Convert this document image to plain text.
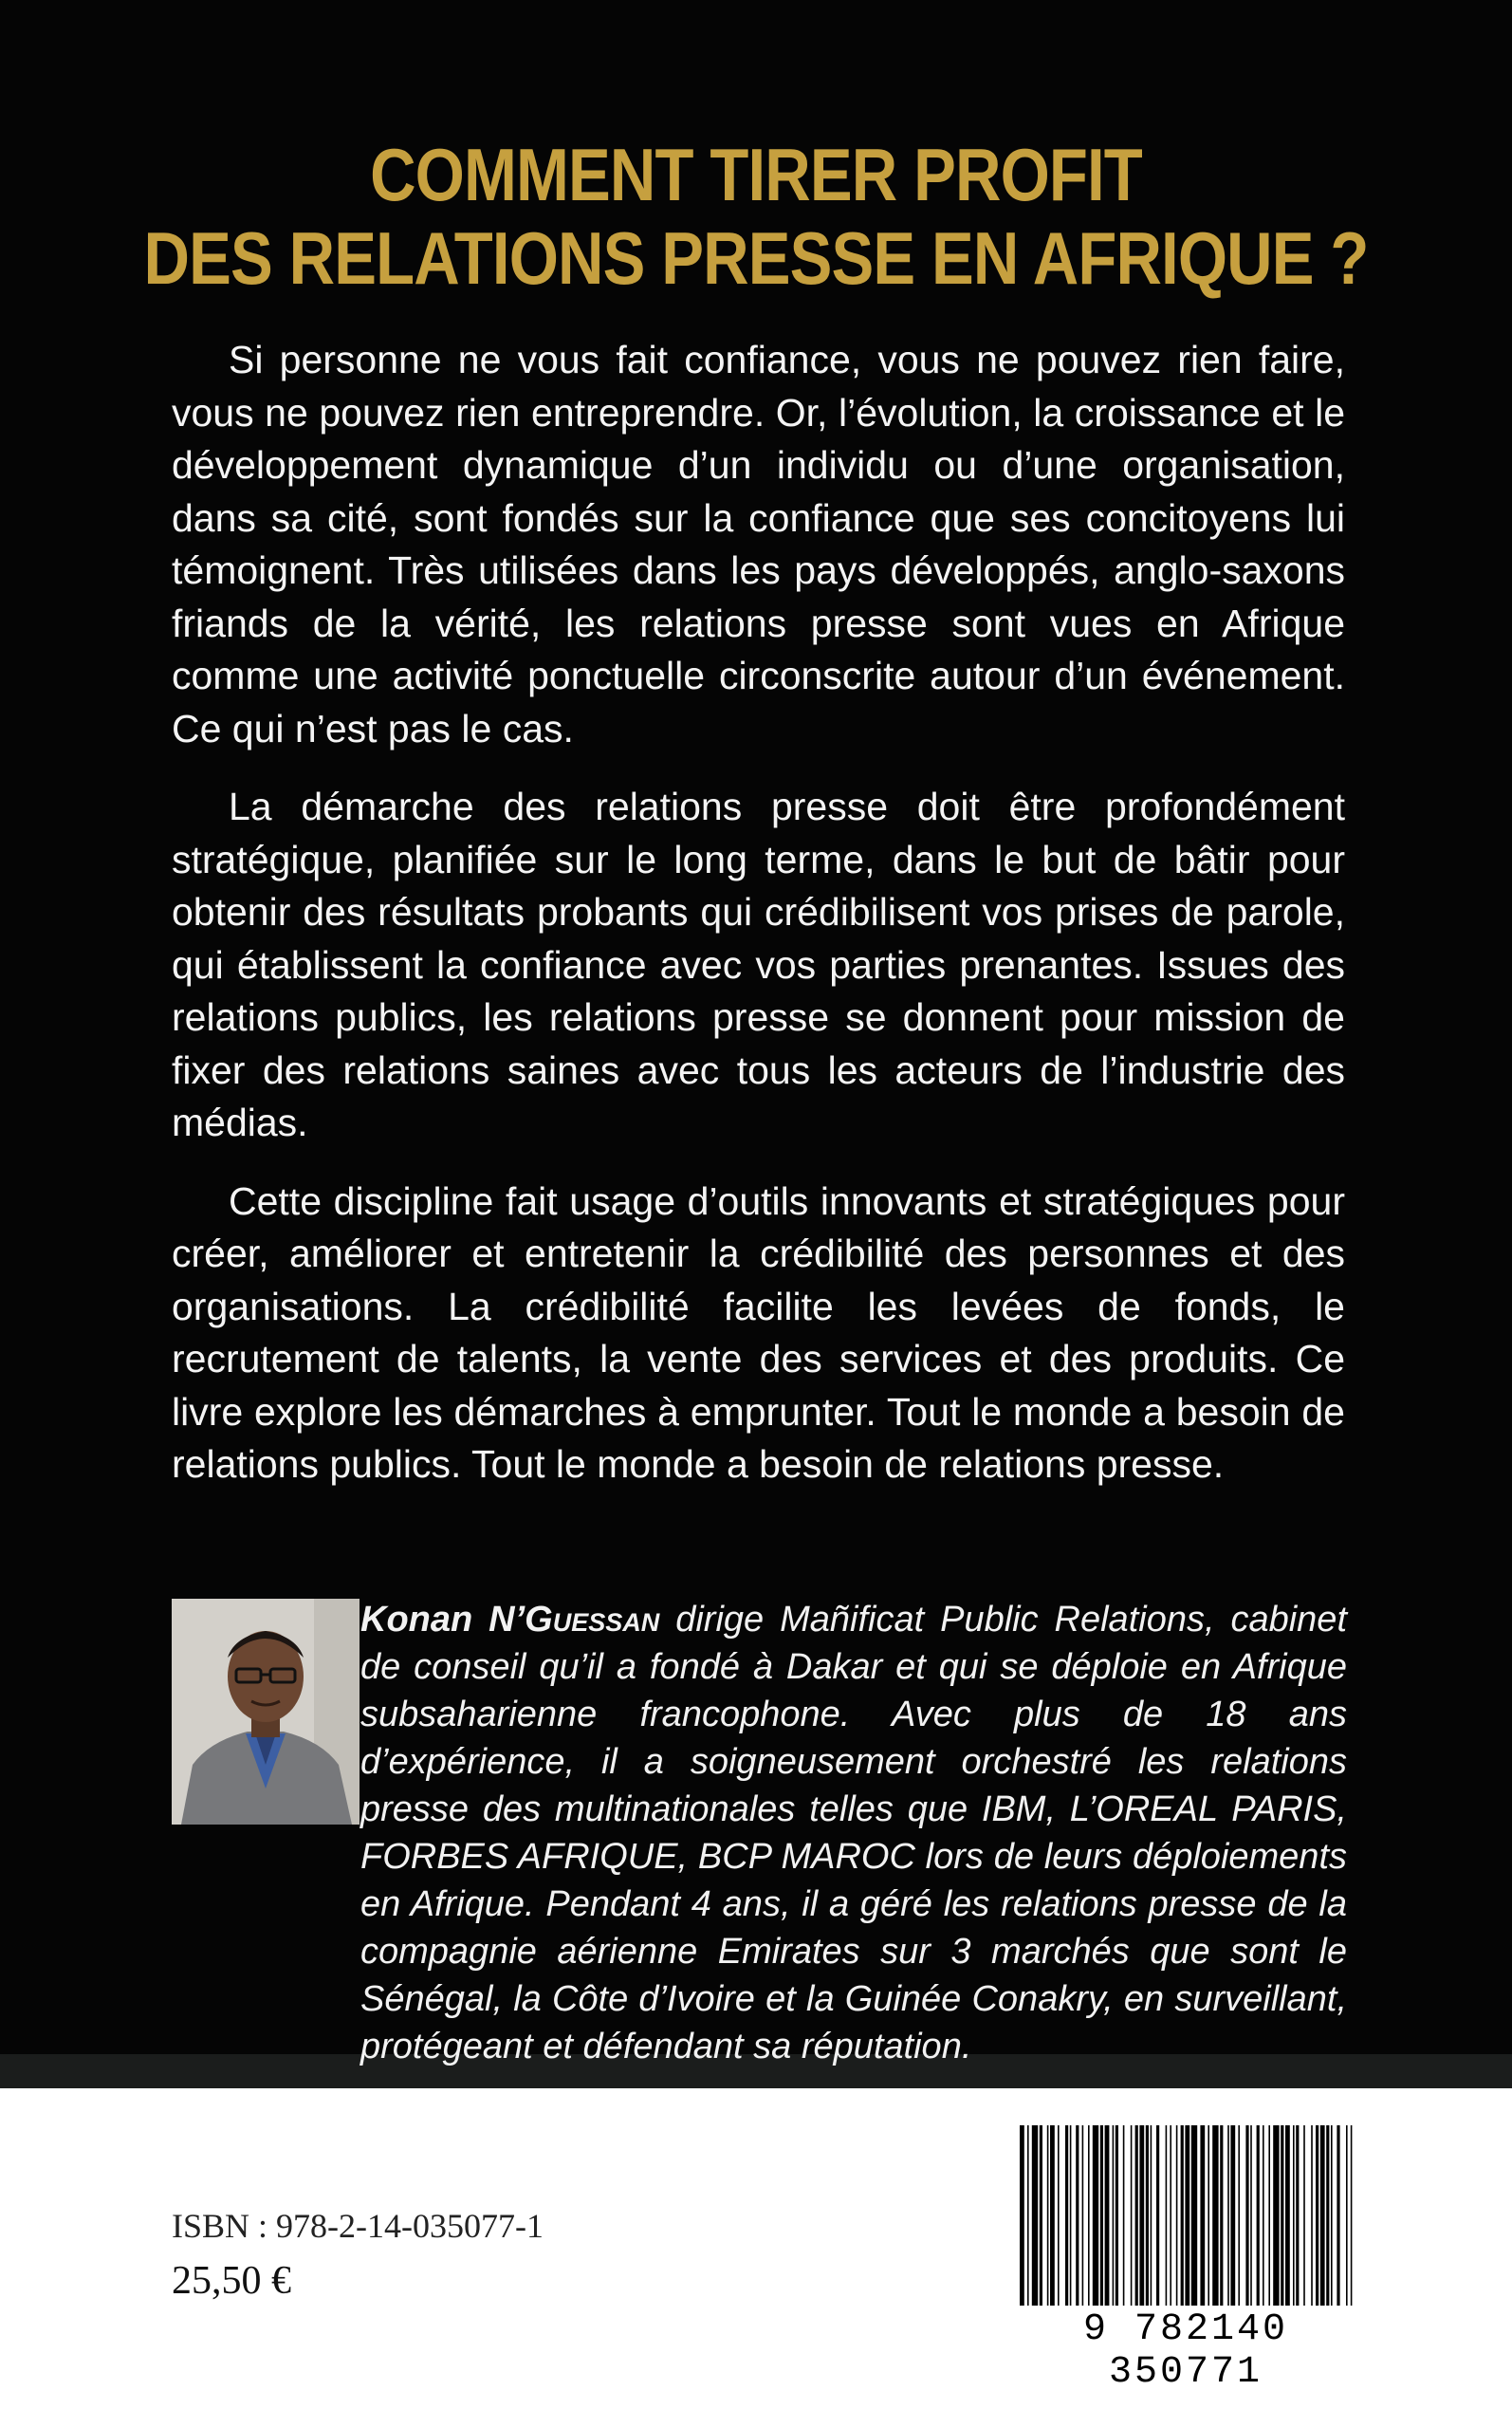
COMMENT TIRER PROFIT
DES RELATIONS PRESSE EN AFRIQUE ?

Si personne ne vous fait confiance, vous ne pouvez rien faire, vous ne pouvez rien entreprendre. Or, l’évolution, la croissance et le développement dynamique d’un individu ou d’une organisation, dans sa cité, sont fondés sur la confiance que ses concitoyens lui témoignent. Très utilisées dans les pays développés, anglo-saxons friands de la vérité, les relations presse sont vues en Afrique comme une activité ponctuelle circonscrite autour d’un événement. Ce qui n’est pas le cas.

La démarche des relations presse doit être profondément stratégique, planifiée sur le long terme, dans le but de bâtir pour obtenir des résultats probants qui crédibilisent vos prises de parole, qui établissent la confiance avec vos parties prenantes. Issues des relations publics, les relations presse se donnent pour mission de fixer des relations saines avec tous les acteurs de l’industrie des médias.

Cette discipline fait usage d’outils innovants et stratégiques pour créer, améliorer et entretenir la crédibilité des personnes et des organisations. La crédibilité facilite les levées de fonds, le recrutement de talents, la vente des services et des produits. Ce livre explore les démarches à emprunter. Tout le monde a besoin de relations publics. Tout le monde a besoin de relations presse.

Konan N’Guessan dirige Mañificat Public Relations, cabinet de conseil qu’il a fondé à Dakar et qui se déploie en Afrique subsaharienne francophone. Avec plus de 18 ans d’expérience, il a soigneusement orchestré les relations presse des multinationales telles que IBM, L’OREAL PARIS, FORBES AFRIQUE, BCP MAROC lors de leurs déploiements en Afrique. Pendant 4 ans, il a géré les relations presse de la compagnie aérienne Emirates sur 3 marchés que sont le Sénégal, la Côte d’Ivoire et la Guinée Conakry, en surveillant, protégeant et défendant sa réputation.
ISBN : 978-2-14-035077-1
25,50 €
9 782140 350771
